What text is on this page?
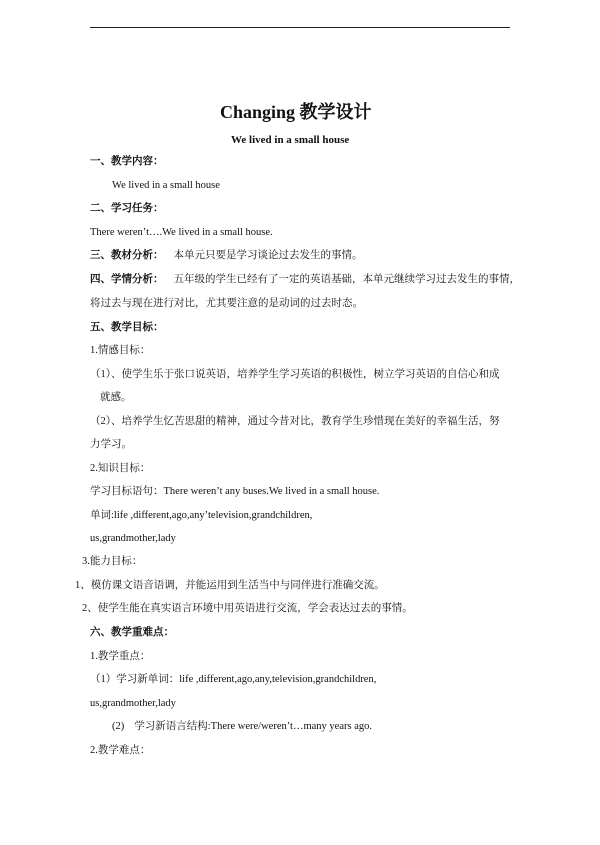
Changing 教学设计
We lived in a small house
一、教学内容：
We lived in a small house
二、学习任务：
There weren’t….We lived in a small house.
三、教材分析： 本单元只要是学习谈论过去发生的事情。
四、学情分析： 五年级的学生已经有了一定的英语基础，本单元继续学习过去发生的事情，
将过去与现在进行对比，尤其要注意的是动词的过去时态。
五、教学目标：
1.情感目标：
（1）、使学生乐于张口说英语，培养学生学习英语的积极性，树立学习英语的自信心和成
就感。
（2）、培养学生忆苦思甜的精神，通过今昔对比，教育学生珍惜现在美好的幸福生活，努
力学习。
2.知识目标：
学习目标语句：There weren’t any buses.We lived in a small house.
单词:life ,different,ago,any’television,grandchildren,
us,grandmother,lady
3.能力目标：
1、模仿课文语音语调，并能运用到生活当中与同伴进行准确交流。
2、使学生能在真实语言环境中用英语进行交流，学会表达过去的事情。
六、教学重难点：
1.教学重点：
（1）学习新单词：life ,different,ago,any,television,grandchildren,
us,grandmother,lady
(2) 学习新语言结构:There were/weren’t…many years ago.
2.教学难点：
